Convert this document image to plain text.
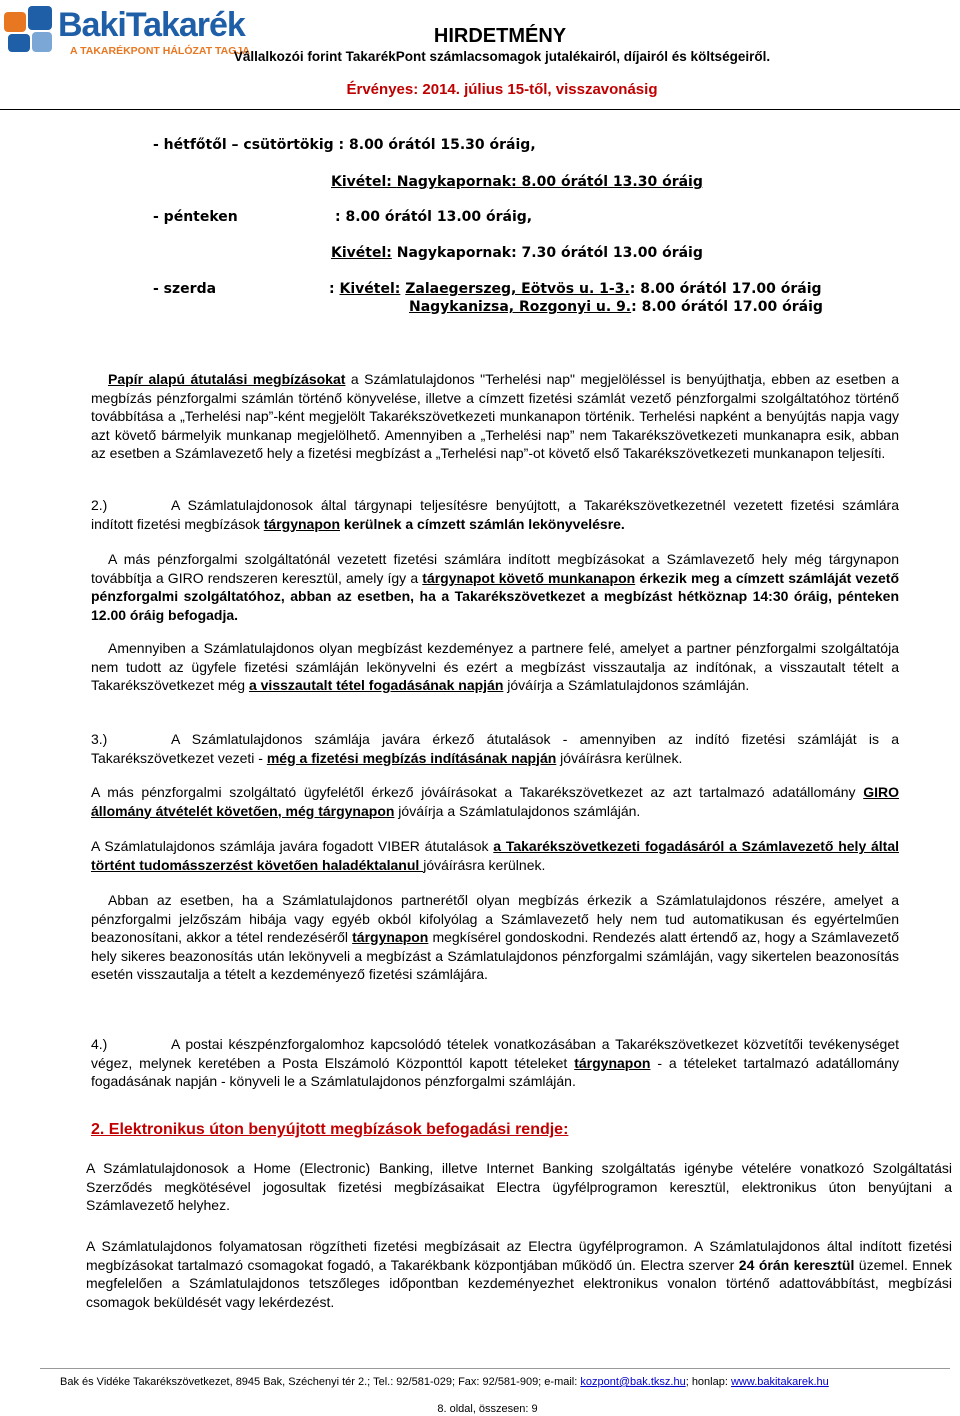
BakiTakarék
A TAKARÉKPONT HÁLÓZAT TAGJA
HIRDETMÉNY
Vállalkozói forint TakarékPont számlacsomagok jutalékairól, díjairól és költségeiről.
Érvényes: 2014. július 15-től, visszavonásig
- hétfőtől – csütörtökig : 8.00 órától 15.30 óráig,
Kivétel: Nagykapornak: 8.00 órától 13.30 óráig
- pénteken	: 8.00 órától 13.00 óráig,
Kivétel: Nagykapornak: 7.30 órától 13.00 óráig
- szerda	: Kivétel: Zalaegerszeg, Eötvös u. 1-3.: 8.00 órától 17.00 óráig
Nagykanizsa, Rozgonyi u. 9.: 8.00 órától 17.00 óráig
Papír alapú átutalási megbízásokat a Számlatulajdonos "Terhelési nap" megjelöléssel is benyújthatja, ebben az esetben a megbízás pénzforgalmi számlán történő könyvelése, illetve a címzett fizetési számlát vezető pénzforgalmi szolgáltatóhoz történő továbbítása a „Terhelési nap”-ként megjelölt Takarékszövetkezeti munkanapon történik. Terhelési napként a benyújtás napja vagy azt követő bármelyik munkanap megjelölhető. Amennyiben a „Terhelési nap” nem Takarékszövetkezeti munkanapra esik, abban az esetben a Számlavezető hely a fizetési megbízást a „Terhelési nap”-ot követő első Takarékszövetkezeti munkanapon teljesíti.
2.)	A Számlatulajdonosok által tárgynapi teljesítésre benyújtott, a Takarékszövetkezetnél vezetett fizetési számlára indított fizetési megbízások tárgynapon kerülnek a címzett számlán lekönyvelésre.
A más pénzforgalmi szolgáltatónál vezetett fizetési számlára indított megbízásokat a Számlavezető hely még tárgynapon továbbítja a GIRO rendszeren keresztül, amely így a tárgynapot követő munkanapon érkezik meg a címzett számláját vezető pénzforgalmi szolgáltatóhoz, abban az esetben, ha a Takarékszövetkezet a megbízást hétköznap 14:30 óráig, pénteken 12.00 óráig befogadja.
Amennyiben a Számlatulajdonos olyan megbízást kezdeményez a partnere felé, amelyet a partner pénzforgalmi szolgáltatója nem tudott az ügyfele fizetési számláján lekönyvelni és ezért a megbízást visszautalja az indítónak, a visszautalt tételt a Takarékszövetkezet még a visszautalt tétel fogadásának napján jóváírja a Számlatulajdonos számláján.
3.)	A Számlatulajdonos számlája javára érkező átutalások - amennyiben az indító fizetési számláját is a Takarékszövetkezet vezeti - még a fizetési megbízás indításának napján jóváírásra kerülnek.
A más pénzforgalmi szolgáltató ügyfelétől érkező jóváírásokat a Takarékszövetkezet az azt tartalmazó adatállomány GIRO állomány átvételét követően, még tárgynapon jóváírja a Számlatulajdonos számláján.
A Számlatulajdonos számlája javára fogadott VIBER átutalások a Takarékszövetkezeti fogadásáról a Számlavezető hely által történt tudomásszerzést követően haladéktalanul jóváírásra kerülnek.
Abban az esetben, ha a Számlatulajdonos partnerétől olyan megbízás érkezik a Számlatulajdonos részére, amelyet a pénzforgalmi jelzőszám hibája vagy egyéb okból kifolyólag a Számlavezető hely nem tud automatikusan és egyértelműen beazonosítani, akkor a tétel rendezéséről tárgynapon megkísérel gondoskodni. Rendezés alatt értendő az, hogy a Számlavezető hely sikeres beazonosítás után lekönyveli a megbízást a Számlatulajdonos pénzforgalmi számláján, vagy sikertelen beazonosítás esetén visszautalja a tételt a kezdeményező fizetési számlájára.
4.)	A postai készpénzforgalomhoz kapcsolódó tételek vonatkozásában a Takarékszövetkezet közvetítői tevékenységet végez, melynek keretében a Posta Elszámoló Központtól kapott tételeket tárgynapon - a tételeket tartalmazó adatállomány fogadásának napján - könyveli le a Számlatulajdonos pénzforgalmi számláján.
2. Elektronikus úton benyújtott megbízások befogadási rendje:
A Számlatulajdonosok a Home (Electronic) Banking, illetve Internet Banking szolgáltatás igénybe vételére vonatkozó Szolgáltatási Szerződés megkötésével jogosultak fizetési megbízásaikat Electra ügyfélprogramon keresztül, elektronikus úton benyújtani a Számlavezető helyhez.
A Számlatulajdonos folyamatosan rögzítheti fizetési megbízásait az Electra ügyfélprogramon. A Számlatulajdonos által indított fizetési megbízásokat tartalmazó csomagokat fogadó, a Takarékbank központjában működő ún. Electra szerver 24 órán keresztül üzemel. Ennek megfelelően a Számlatulajdonos tetszőleges időpontban kezdeményezhet elektronikus vonalon történő adattovábbítást, megbízási csomagok beküldését vagy lekérdezést.
Bak és Vidéke Takarékszövetkezet, 8945 Bak, Széchenyi tér 2.; Tel.: 92/581-029; Fax: 92/581-909; e-mail: kozpont@bak.tksz.hu; honlap: www.bakitakarek.hu
8. oldal, összesen: 9
